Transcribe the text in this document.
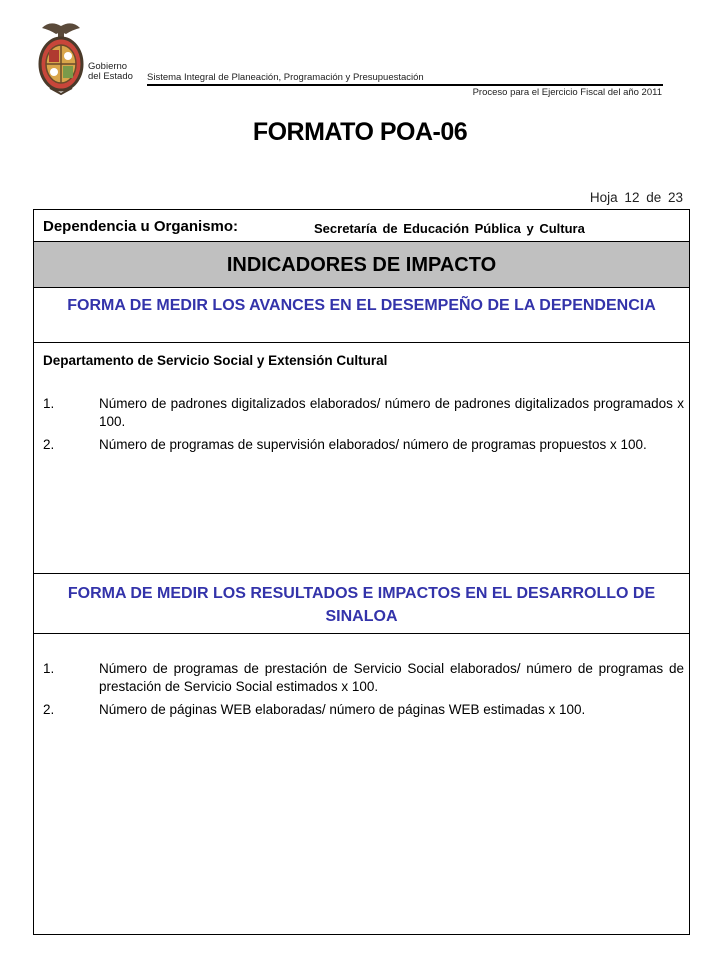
Gobierno
del Estado Sistema Integral de Planeación, Programación y Presupuestación
Proceso para el Ejercicio Fiscal del año 2011
FORMATO POA-06
Hoja 12 de 23
Dependencia u Organismo:	Secretaría de Educación Pública y Cultura
INDICADORES DE IMPACTO
FORMA DE MEDIR LOS AVANCES EN EL DESEMPEÑO DE LA DEPENDENCIA
Departamento de Servicio Social y Extensión Cultural
1.	Número de padrones digitalizados elaborados/ número de padrones digitalizados programados x 100.
2.	Número de programas de supervisión elaborados/ número de programas propuestos x 100.
FORMA DE MEDIR LOS RESULTADOS E IMPACTOS EN EL DESARROLLO DE SINALOA
1.	Número de programas de prestación de Servicio Social elaborados/ número de programas de prestación de Servicio Social estimados x 100.
2.	Número de páginas WEB elaboradas/ número de páginas WEB estimadas x 100.
